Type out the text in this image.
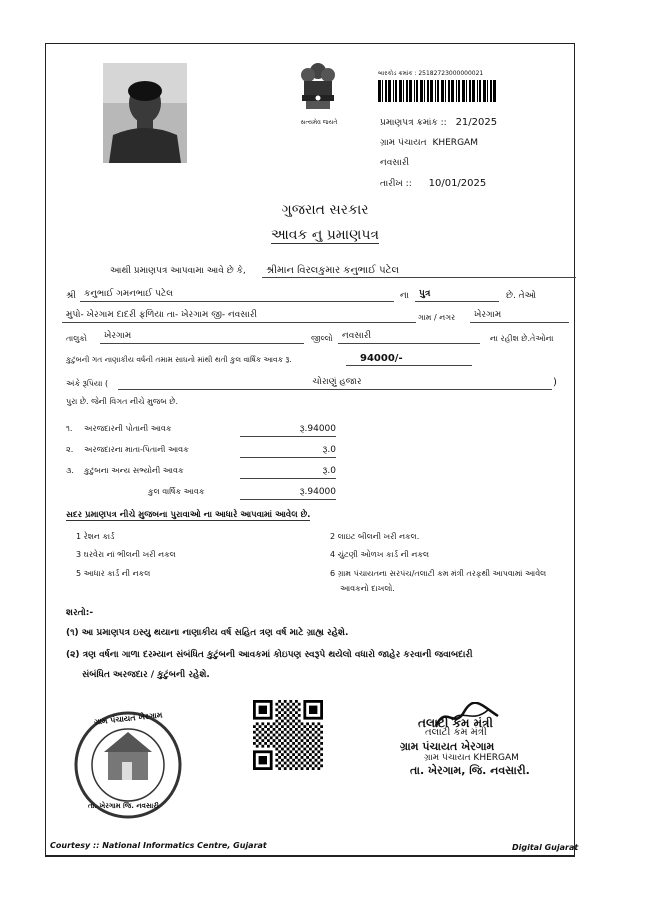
સત્યમેવ જયતે
બારકોડ ક્રમાંક : 25182723000000021
પ્રમાણપત્ર ક્રમાંક :: 21/2025
ગ્રામ પંચાયત KHERGAM
નવસારી
તારીખ :: 10/01/2025
ગુજરાત સરકાર
આવક નુ પ્રમાણપત્ર
આથી પ્રમાણપત્ર આપવામા આવે છે કે,	શ્રીમાન વિરલકુમાર કનુભાઈ પટેલ
શ્રી કનુભાઈ ગમનભાઈ પટેલ	ના	પુત્ર	છે. તેઓ
મુપો- ખેરગામ દાદરી ફળિયા તા- ખેરગામ જી- નવસારી	ગામ / નગર	ખેરગામ
તાલુકો	ખેરગામ	જીલ્લો	નવસારી	ના રહીશ છે.તેઓના
કુટુંબની ગત નાણાકીય વર્ષની તમામ સાધનો માંથી થતી કુલ વાર્ષિક આવક રૂ.	94000/-
અંકે રૂપિયા (	ચોરાણું હજાર	)
પુરા છે. જેની વિગત નીચે મુજબ છે.
૧. અરજદારની પોતાની આવક	રૂ.94000
૨. અરજદારના માતા-પિતાની આવક	રૂ.0
૩. કુટુંબના અન્ય સભ્યોની આવક	રૂ.0
કુલ વાર્ષિક આવક	રૂ.94000
સદર પ્રમાણપત્ર નીચે મુજબના પુરાવાઓ ના આધારે આપવામાં આવેલ છે.
1 રેશન કાર્ડ
3 ઘરવેરા નાં ભીલની ખરી નકલ
5 આધાર કાર્ડ ની નકલ
2 લાઇટ બીલની ખરી નકલ.
4 ચુંટણી ઓળખ કાર્ડ ની નકલ
6 ગ્રામ પંચાયતના સરપંચ/તલાટી કમ મંત્રી તરફથી આપવામાં આવેલ
આવકનો દાખલો.
શરતો:-
(૧) આ પ્રમાણપત્ર ઇસ્યુ થયાના નાણાકીય વર્ષ સહિત ત્રણ વર્ષ માટે ગ્રાહ્ય રહેશે.
(૨) ત્રણ વર્ષના ગાળા દરમ્યાન સંબંધિત કુટુંબની આવકમાં કોઇપણ સ્વરૂપે થયેલો વધારો જાહેર કરવાની જવાબદારી
સંબંધિત અરજદાર / કુટુંબની રહેશે.
ગ્રામ પંચાયત ખેરગામ
તા. ખેરગામ જિ. નવસારી
તલાટી કમ મંત્રી
તલાટી કમ મંત્રી
ગ્રામ પંચાયત ખેરગામ
ગ્રામ પંચાયત KHERGAM
તા. ખેરગામ, જિ. નવસારી.
Courtesy :: National Informatics Centre, Gujarat	Digital Gujarat
